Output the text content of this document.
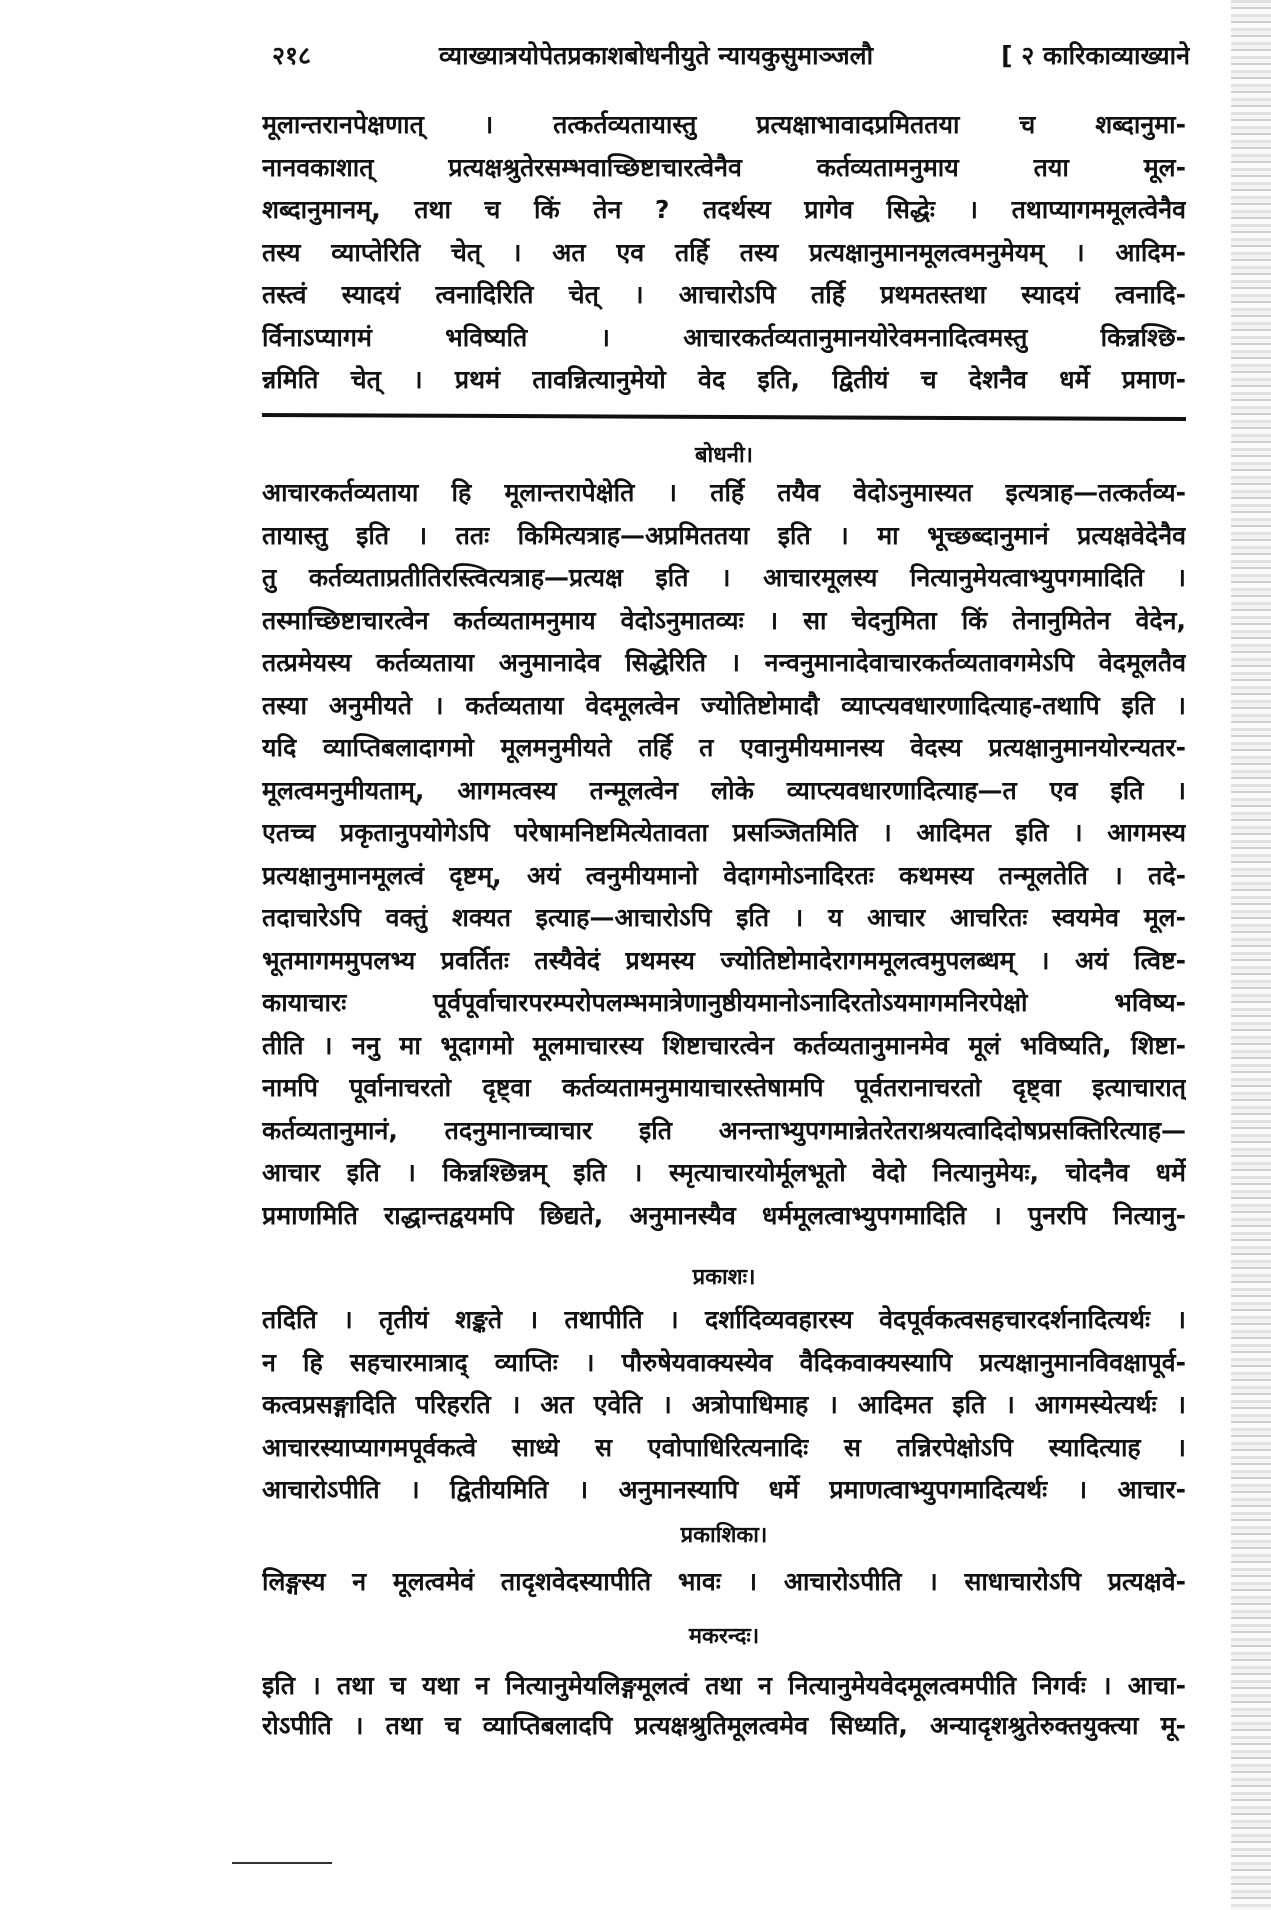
२१८	व्याख्यात्रयोपेतप्रकाशबोधनीयुते न्यायकुसुमाञ्जलौ	[ २ कारिकाव्याख्याने
मूलान्तरानपेक्षणात् । तत्कर्तव्यतायास्तु प्रत्यक्षाभावादप्रमिततया च शब्दानुमा-
नानवकाशात् प्रत्यक्षश्रुतेरसम्भवाच्छिष्टाचारत्वेनैव कर्तव्यतामनुमाय तया मूल-
शब्दानुमानम्, तथा च किं तेन ? तदर्थस्य प्रागेव सिद्धेः । तथाप्यागममूलत्वेनैव
तस्य व्याप्तेरिति चेत् । अत एव तर्हि तस्य प्रत्यक्षानुमानमूलत्वमनुमेयम् । आदिम-
तस्त्वं स्यादयं त्वनादिरिति चेत् । आचारोऽपि तर्हि प्रथमतस्तथा स्यादयं त्वनादि-
र्विनाऽप्यागमं भविष्यति । आचारकर्तव्यतानुमानयोरेवमनादित्वमस्तु किन्नश्छि-
न्नमिति चेत् । प्रथमं तावन्नित्यानुमेयो वेद इति, द्वितीयं च देशनैव धर्मे प्रमाण-
बोधनी।
आचारकर्तव्यताया हि मूलान्तरापेक्षेति । तर्हि तयैव वेदोऽनुमास्यत इत्यत्राह—तत्कर्तव्य-
तायास्तु इति । ततः किमित्यत्राह—अप्रमिततया इति । मा भूच्छब्दानुमानं प्रत्यक्षवेदेनैव
तु कर्तव्यताप्रतीतिरस्त्वित्यत्राह—प्रत्यक्ष इति । आचारमूलस्य नित्यानुमेयत्वाभ्युपगमादिति ।
तस्माच्छिष्टाचारत्वेन कर्तव्यतामनुमाय वेदोऽनुमातव्यः । सा चेदनुमिता किं तेनानुमितेन वेदेन,
तत्प्रमेयस्य कर्तव्यताया अनुमानादेव सिद्धेरिति । नन्वनुमानादेवाचारकर्तव्यतावगमेऽपि वेदमूलतैव
तस्या अनुमीयते । कर्तव्यताया वेदमूलत्वेन ज्योतिष्टोमादौ व्याप्त्यवधारणादित्याह-तथापि इति ।
यदि व्याप्तिबलादागमो मूलमनुमीयते तर्हि त एवानुमीयमानस्य वेदस्य प्रत्यक्षानुमानयोरन्यतर-
मूलत्वमनुमीयताम्, आगमत्वस्य तन्मूलत्वेन लोके व्याप्त्यवधारणादित्याह—त एव इति ।
एतच्च प्रकृतानुपयोगेऽपि परेषामनिष्टमित्येतावता प्रसञ्जितमिति । आदिमत इति । आगमस्य
प्रत्यक्षानुमानमूलत्वं दृष्टम्, अयं त्वनुमीयमानो वेदागमोऽनादिरतः कथमस्य तन्मूलतेति । तदे-
तदाचारेऽपि वक्तुं शक्यत इत्याह—आचारोऽपि इति । य आचार आचरितः स्वयमेव मूल-
भूतमागममुपलभ्य प्रवर्तितः तस्यैवेदं प्रथमस्य ज्योतिष्टोमादेरागममूलत्वमुपलब्धम् । अयं त्विष्ट-
कायाचारः पूर्वपूर्वाचारपरम्परोपलम्भमात्रेणानुष्ठीयमानोऽनादिरतोऽयमागमनिरपेक्षो भविष्य-
तीति । ननु मा भूदागमो मूलमाचारस्य शिष्टाचारत्वेन कर्तव्यतानुमानमेव मूलं भविष्यति, शिष्टा-
नामपि पूर्वानाचरतो दृष्ट्वा कर्तव्यतामनुमायाचारस्तेषामपि पूर्वतरानाचरतो दृष्ट्वा इत्याचारात्
कर्तव्यतानुमानं, तदनुमानाच्चाचार इति अनन्ताभ्युपगमान्नेतरेतराश्रयत्वादिदोषप्रसक्तिरित्याह—
आचार इति । किन्नश्छिन्नम् इति । स्मृत्याचारयोर्मूलभूतो वेदो नित्यानुमेयः, चोदनैव धर्मे
प्रमाणमिति राद्धान्तद्वयमपि छिद्यते, अनुमानस्यैव धर्ममूलत्वाभ्युपगमादिति । पुनरपि नित्यानु-
प्रकाशः।
तदिति । तृतीयं शङ्कते । तथापीति । दर्शादिव्यवहारस्य वेदपूर्वकत्वसहचारदर्शनादित्यर्थः ।
न हि सहचारमात्राद् व्याप्तिः । पौरुषेयवाक्यस्येव वैदिकवाक्यस्यापि प्रत्यक्षानुमानविवक्षापूर्व-
कत्वप्रसङ्गादिति परिहरति । अत एवेति । अत्रोपाधिमाह । आदिमत इति । आगमस्येत्यर्थः ।
आचारस्याप्यागमपूर्वकत्वे साध्ये स एवोपाधिरित्यनादिः स तन्निरपेक्षोऽपि स्यादित्याह ।
आचारोऽपीति । द्वितीयमिति । अनुमानस्यापि धर्मे प्रमाणत्वाभ्युपगमादित्यर्थः । आचार-
प्रकाशिका।
लिङ्गस्य न मूलत्वमेवं तादृशवेदस्यापीति भावः । आचारोऽपीति । साधाचारोऽपि प्रत्यक्षवे-
मकरन्दः।
इति । तथा च यथा न नित्यानुमेयलिङ्गमूलत्वं तथा न नित्यानुमेयवेदमूलत्वमपीति निगर्वः । आचा-
रोऽपीति । तथा च व्याप्तिबलादपि प्रत्यक्षश्रुतिमूलत्वमेव सिध्यति, अन्यादृशश्रुतेरुक्तयुक्त्या मू-
